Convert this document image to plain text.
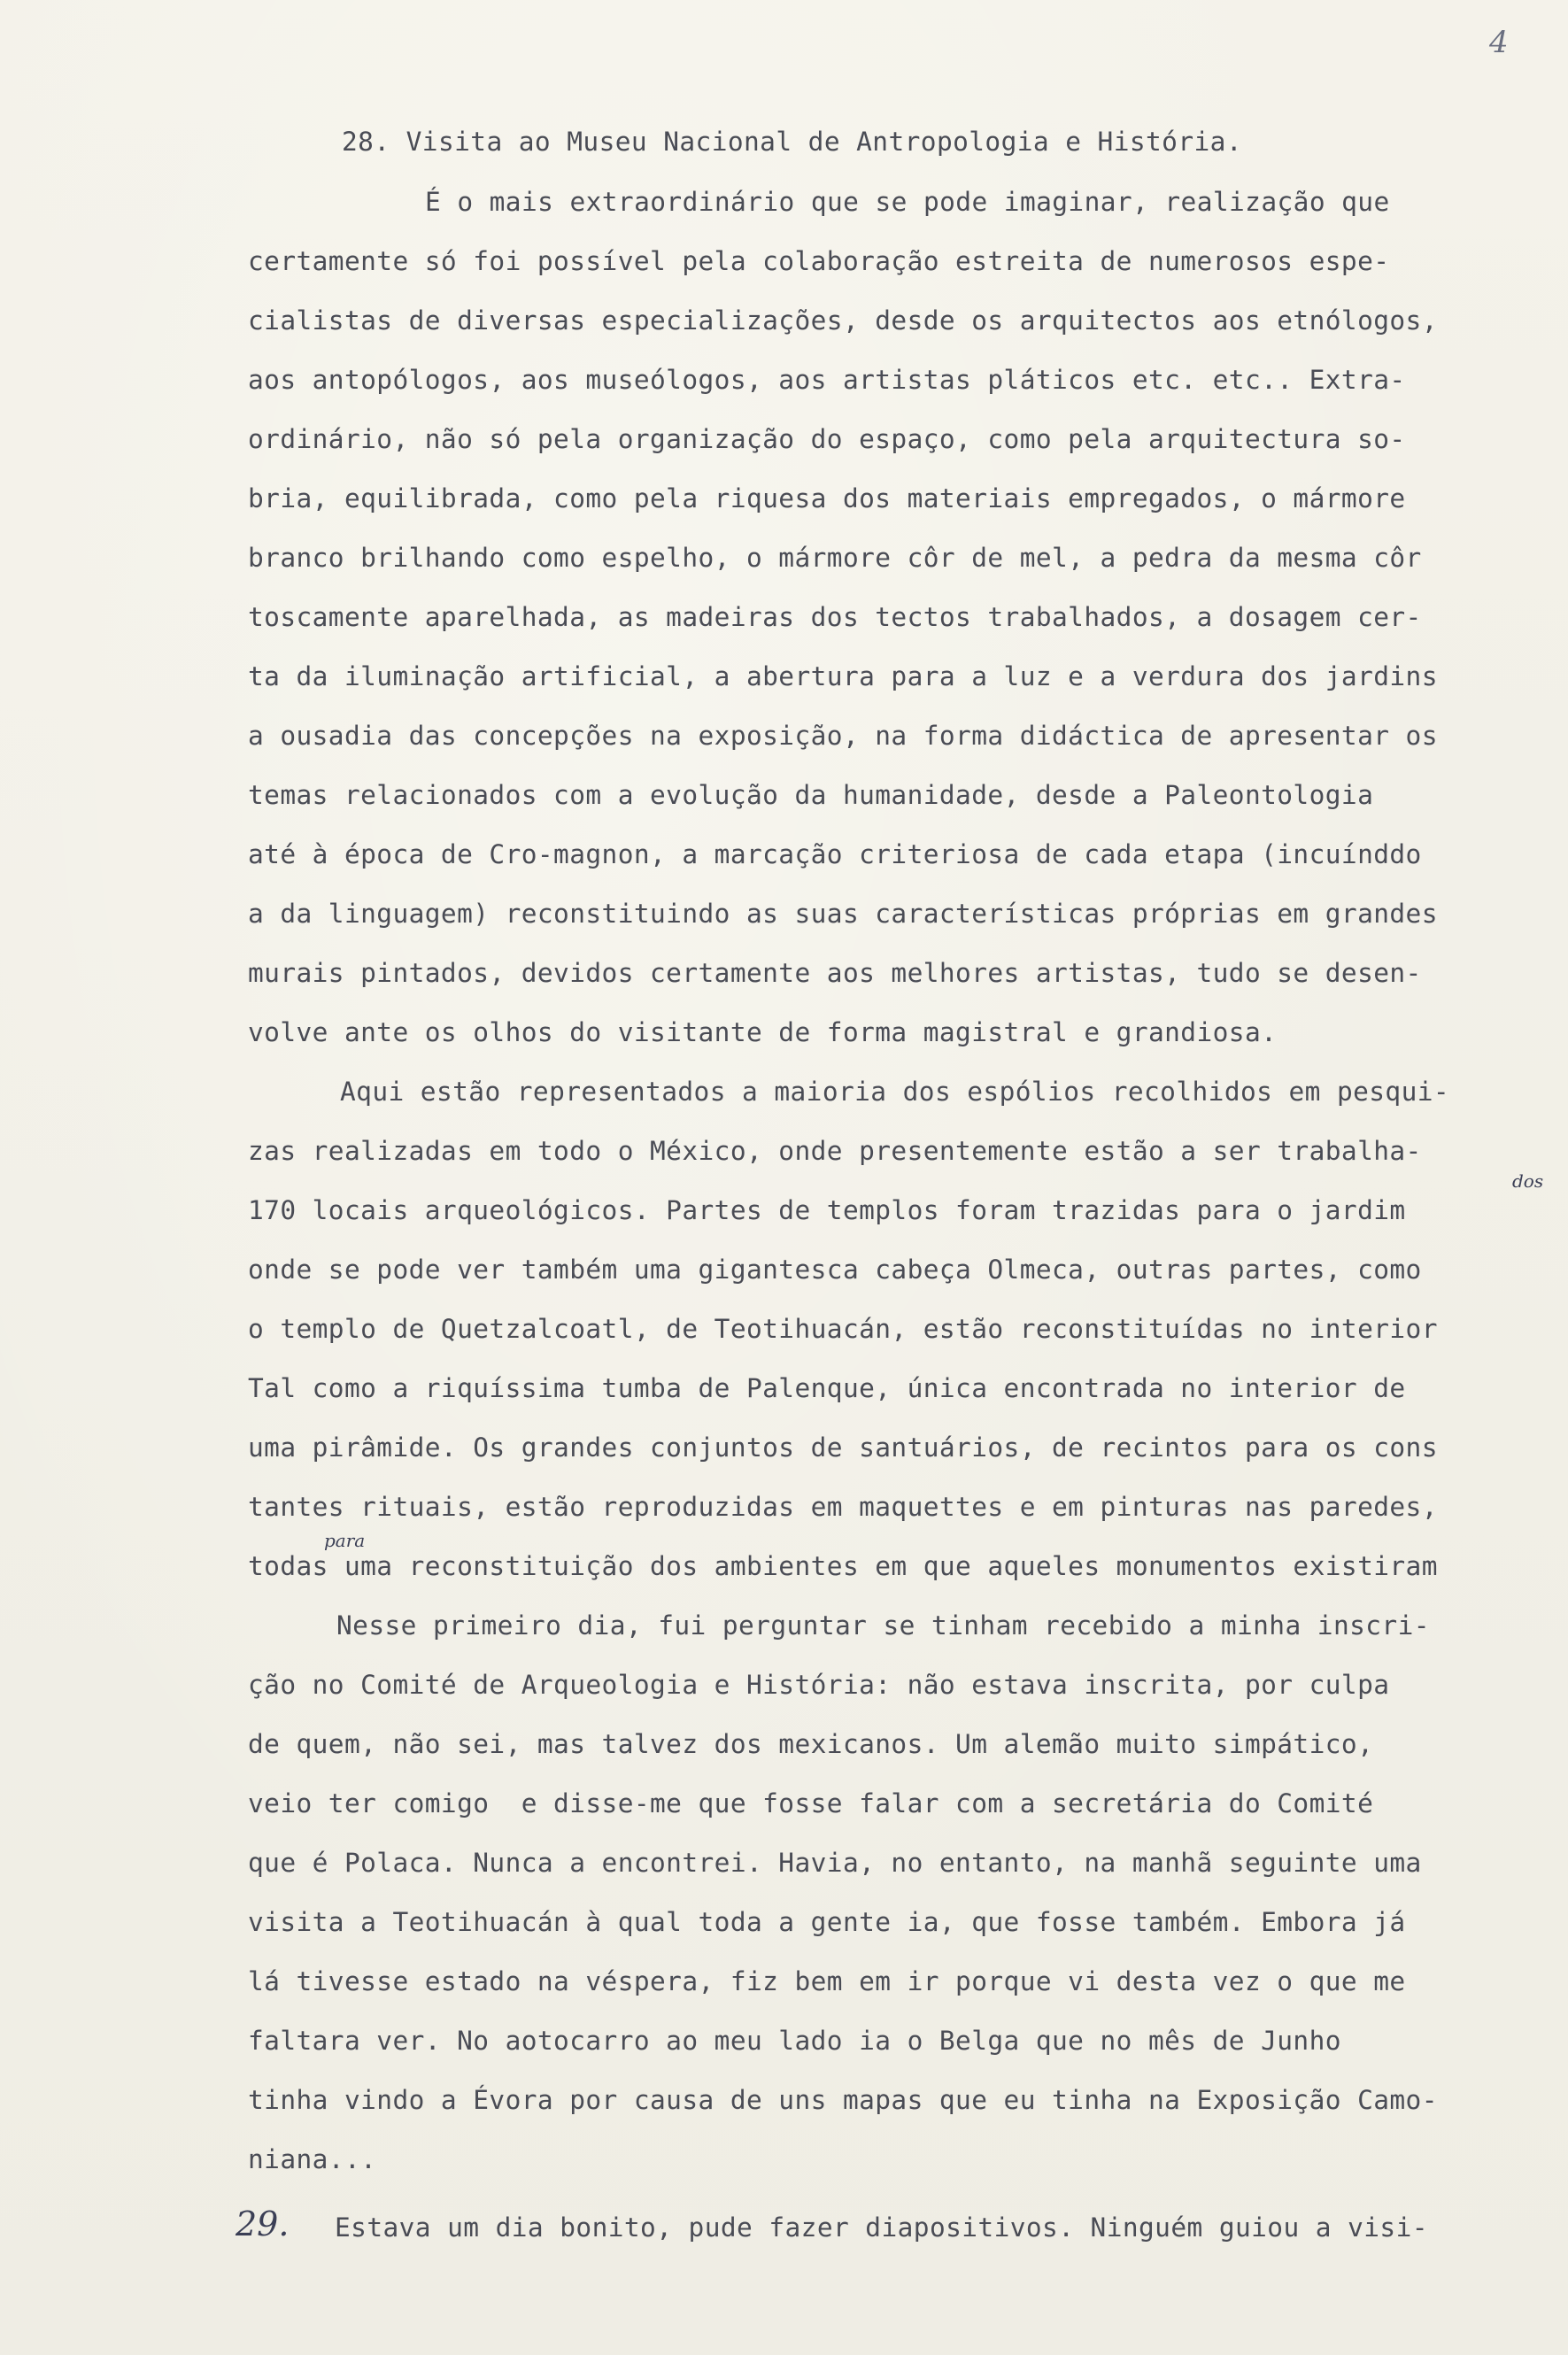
4
28. Visita ao Museu Nacional de Antropologia e História.
É o mais extraordinário que se pode imaginar, realização que
certamente só foi possível pela colaboração estreita de numerosos espe-
cialistas de diversas especializações, desde os arquitectos aos etnólogos,
aos antopólogos, aos museólogos, aos artistas pláticos etc. etc.. Extra-
ordinário, não só pela organização do espaço, como pela arquitectura so-
bria, equilibrada, como pela riquesa dos materiais empregados, o mármore
branco brilhando como espelho, o mármore côr de mel, a pedra da mesma côr
toscamente aparelhada, as madeiras dos tectos trabalhados, a dosagem cer-
ta da iluminação artificial, a abertura para a luz e a verdura dos jardins
a ousadia das concepções na exposição, na forma didáctica de apresentar os
temas relacionados com a evolução da humanidade, desde a Paleontologia
até à época de Cro-magnon, a marcação criteriosa de cada etapa (incuínddo
a da linguagem) reconstituindo as suas características próprias em grandes
murais pintados, devidos certamente aos melhores artistas, tudo se desen-
volve ante os olhos do visitante de forma magistral e grandiosa.
Aqui estão representados a maioria dos espólios recolhidos em pesqui-
zas realizadas em todo o México, onde presentemente estão a ser trabalha-
170 locais arqueológicos. Partes de templos foram trazidas para o jardim
onde se pode ver também uma gigantesca cabeça Olmeca, outras partes, como
o templo de Quetzalcoatl, de Teotihuacán, estão reconstituídas no interior
Tal como a riquíssima tumba de Palenque, única encontrada no interior de
uma pirâmide. Os grandes conjuntos de santuários, de recintos para os cons
tantes rituais, estão reproduzidas em maquettes e em pinturas nas paredes,
todas uma reconstituição dos ambientes em que aqueles monumentos existiram
Nesse primeiro dia, fui perguntar se tinham recebido a minha inscri-
ção no Comité de Arqueologia e História: não estava inscrita, por culpa
de quem, não sei, mas talvez dos mexicanos. Um alemão muito simpático,
veio ter comigo  e disse-me que fosse falar com a secretária do Comité
que é Polaca. Nunca a encontrei. Havia, no entanto, na manhã seguinte uma
visita a Teotihuacán à qual toda a gente ia, que fosse também. Embora já
lá tivesse estado na véspera, fiz bem em ir porque vi desta vez o que me
faltara ver. No aotocarro ao meu lado ia o Belga que no mês de Junho
tinha vindo a Évora por causa de uns mapas que eu tinha na Exposição Camo-
niana...
29. Estava um dia bonito, pude fazer diapositivos. Ninguém guiou a visi-
dos
para
